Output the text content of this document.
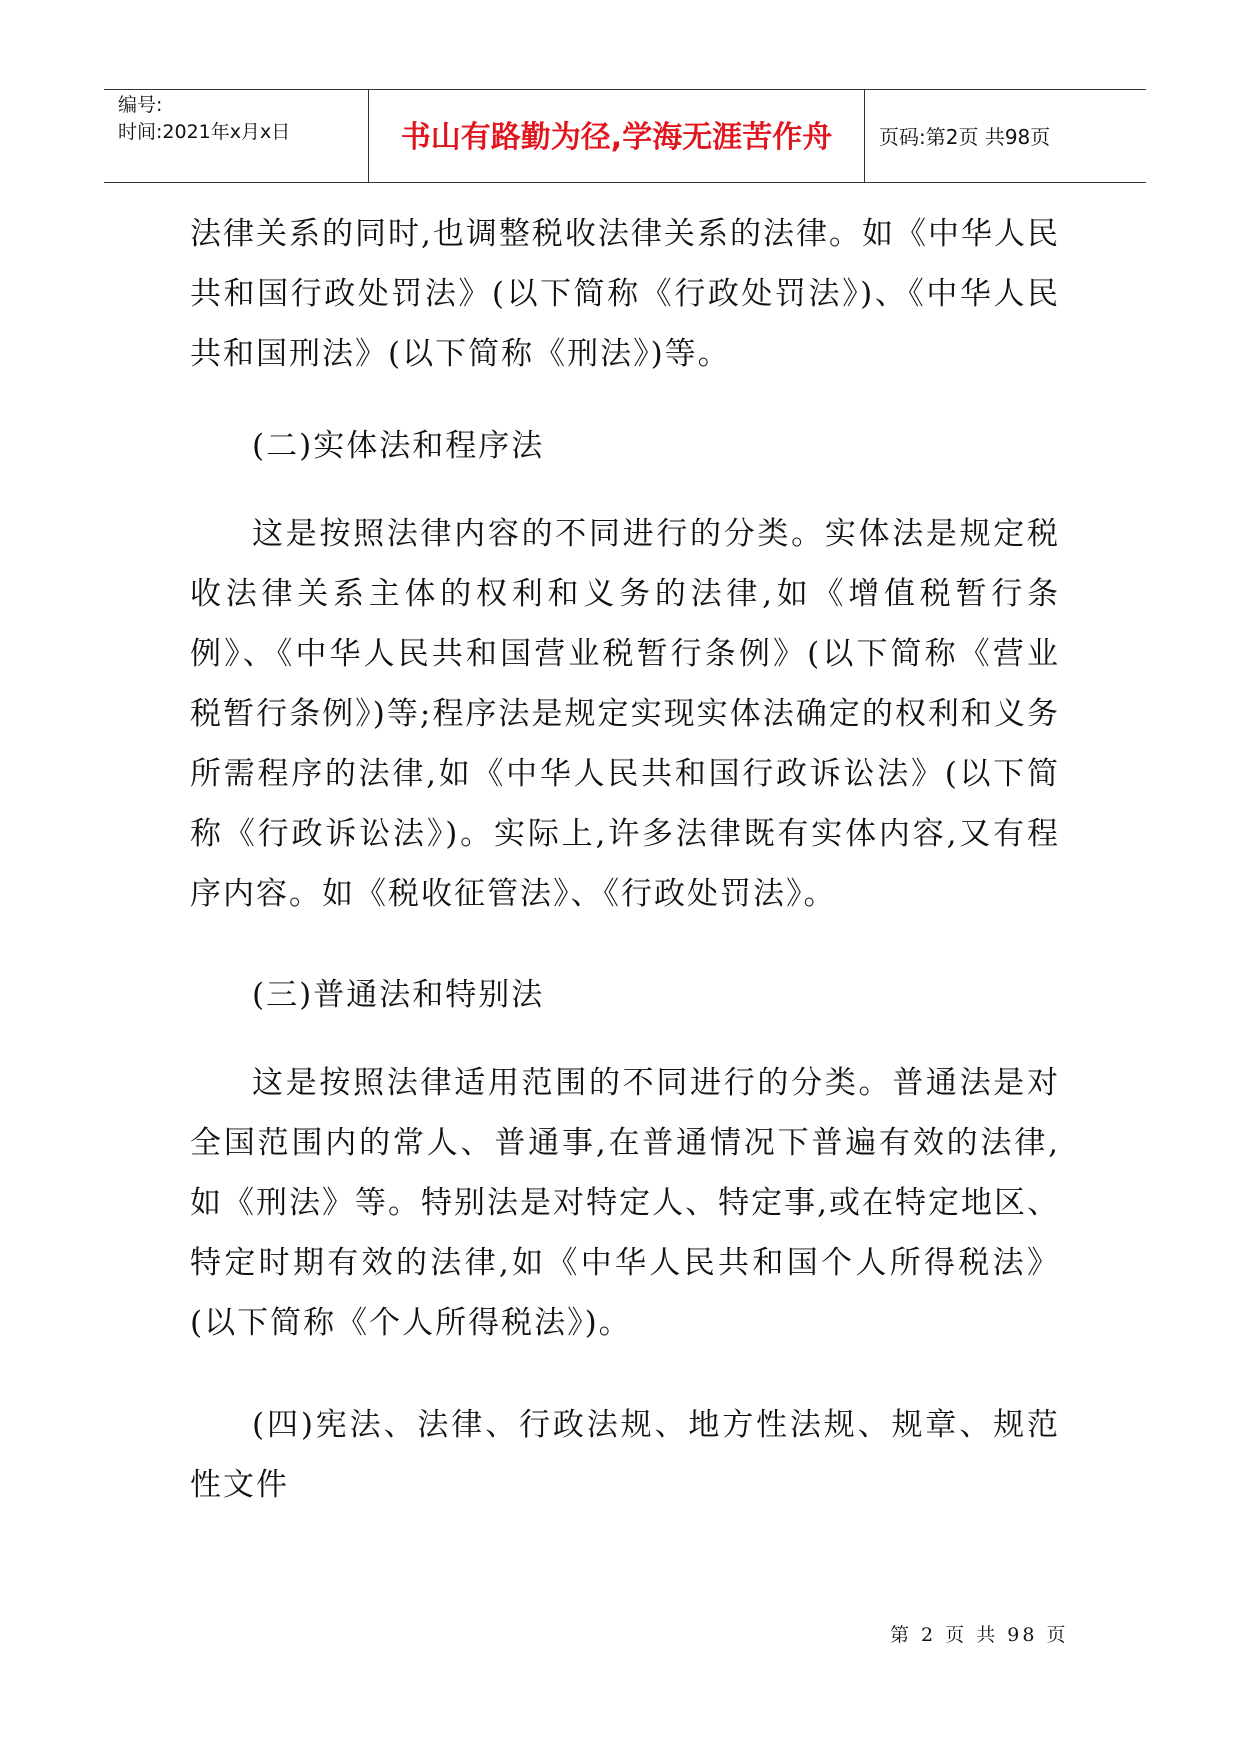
编号:
时间:2021年x月x日	书山有路勤为径,学海无涯苦作舟	页码:第2页 共98页
法律关系的同时,也调整税收法律关系的法律。如《中华人民共和国行政处罚法》(以下简称《行政处罚法》)、《中华人民共和国刑法》(以下简称《刑法》)等。
(二)实体法和程序法
这是按照法律内容的不同进行的分类。实体法是规定税收法律关系主体的权利和义务的法律,如《增值税暂行条例》、《中华人民共和国营业税暂行条例》(以下简称《营业税暂行条例》)等;程序法是规定实现实体法确定的权利和义务所需程序的法律,如《中华人民共和国行政诉讼法》(以下简称《行政诉讼法》)。实际上,许多法律既有实体内容,又有程序内容。如《税收征管法》、《行政处罚法》。
(三)普通法和特别法
这是按照法律适用范围的不同进行的分类。普通法是对全国范围内的常人、普通事,在普通情况下普遍有效的法律,如《刑法》等。特别法是对特定人、特定事,或在特定地区、特定时期有效的法律,如《中华人民共和国个人所得税法》(以下简称《个人所得税法》)。
(四)宪法、法律、行政法规、地方性法规、规章、规范性文件
第 2 页 共 98 页
